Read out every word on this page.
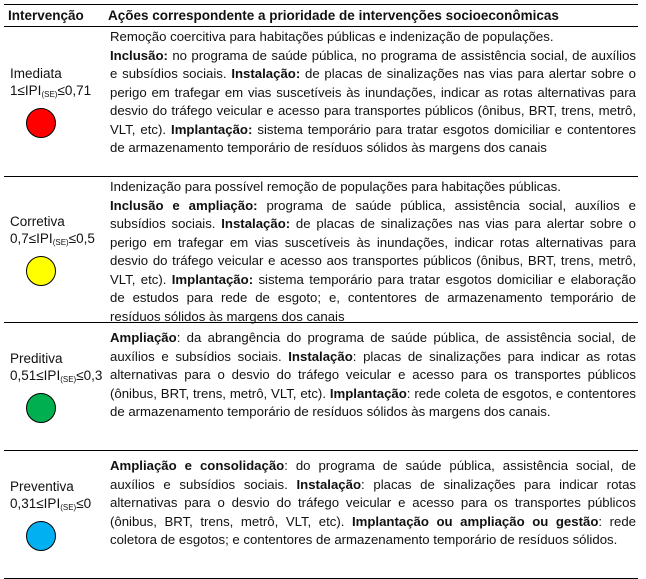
Intervenção	Ações correspondente a prioridade de intervenções socioeconômicas
Imediata
$1\le IPI_{(SE)}\le 0,71$
Remoção coercitiva para habitações públicas e indenização de populações.
Inclusão: no programa de saúde pública, no programa de assistência social, de auxílios e subsídios sociais. Instalação: de placas de sinalizações nas vias para alertar sobre o perigo em trafegar em vias suscetíveis às inundações, indicar as rotas alternativas para desvio do tráfego veicular e acesso para transportes públicos (ônibus, BRT, trens, metrô, VLT, etc). Implantação: sistema temporário para tratar esgotos domiciliar e contentores de armazenamento temporário de resíduos sólidos às margens dos canais
Corretiva
$0,7\le IPI_{(SE)}\le 0,5$
Indenização para possível remoção de populações para habitações públicas.
Inclusão e ampliação: programa de saúde pública, assistência social, auxílios e subsídios sociais. Instalação: de placas de sinalizações nas vias para alertar sobre o perigo em trafegar em vias suscetíveis às inundações, indicar rotas alternativas para desvio do tráfego veicular e acesso aos transportes públicos (ônibus, BRT, trens, metrô, VLT, etc). Implantação: sistema temporário para tratar esgotos domiciliar e elaboração de estudos para rede de esgoto; e, contentores de armazenamento temporário de resíduos sólidos às margens dos canais
Preditiva
$0,51\le IPI_{(SE)}\le 0,3$
Ampliação: da abrangência do programa de saúde pública, de assistência social, de auxílios e subsídios sociais. Instalação: placas de sinalizações para indicar as rotas alternativas para o desvio do tráfego veicular e acesso para os transportes públicos (ônibus, BRT, trens, metrô, VLT, etc). Implantação: rede coleta de esgotos, e contentores de armazenamento temporário de resíduos sólidos às margens dos canais.
Preventiva
$0,31\le IPI_{(SE)}\le 0$
Ampliação e consolidação: do programa de saúde pública, assistência social, de auxílios e subsídios sociais. Instalação: placas de sinalizações para indicar rotas alternativas para o desvio do tráfego veicular e acesso para os transportes públicos (ônibus, BRT, trens, metrô, VLT, etc). Implantação ou ampliação ou gestão: rede coletora de esgotos; e contentores de armazenamento temporário de resíduos sólidos.
